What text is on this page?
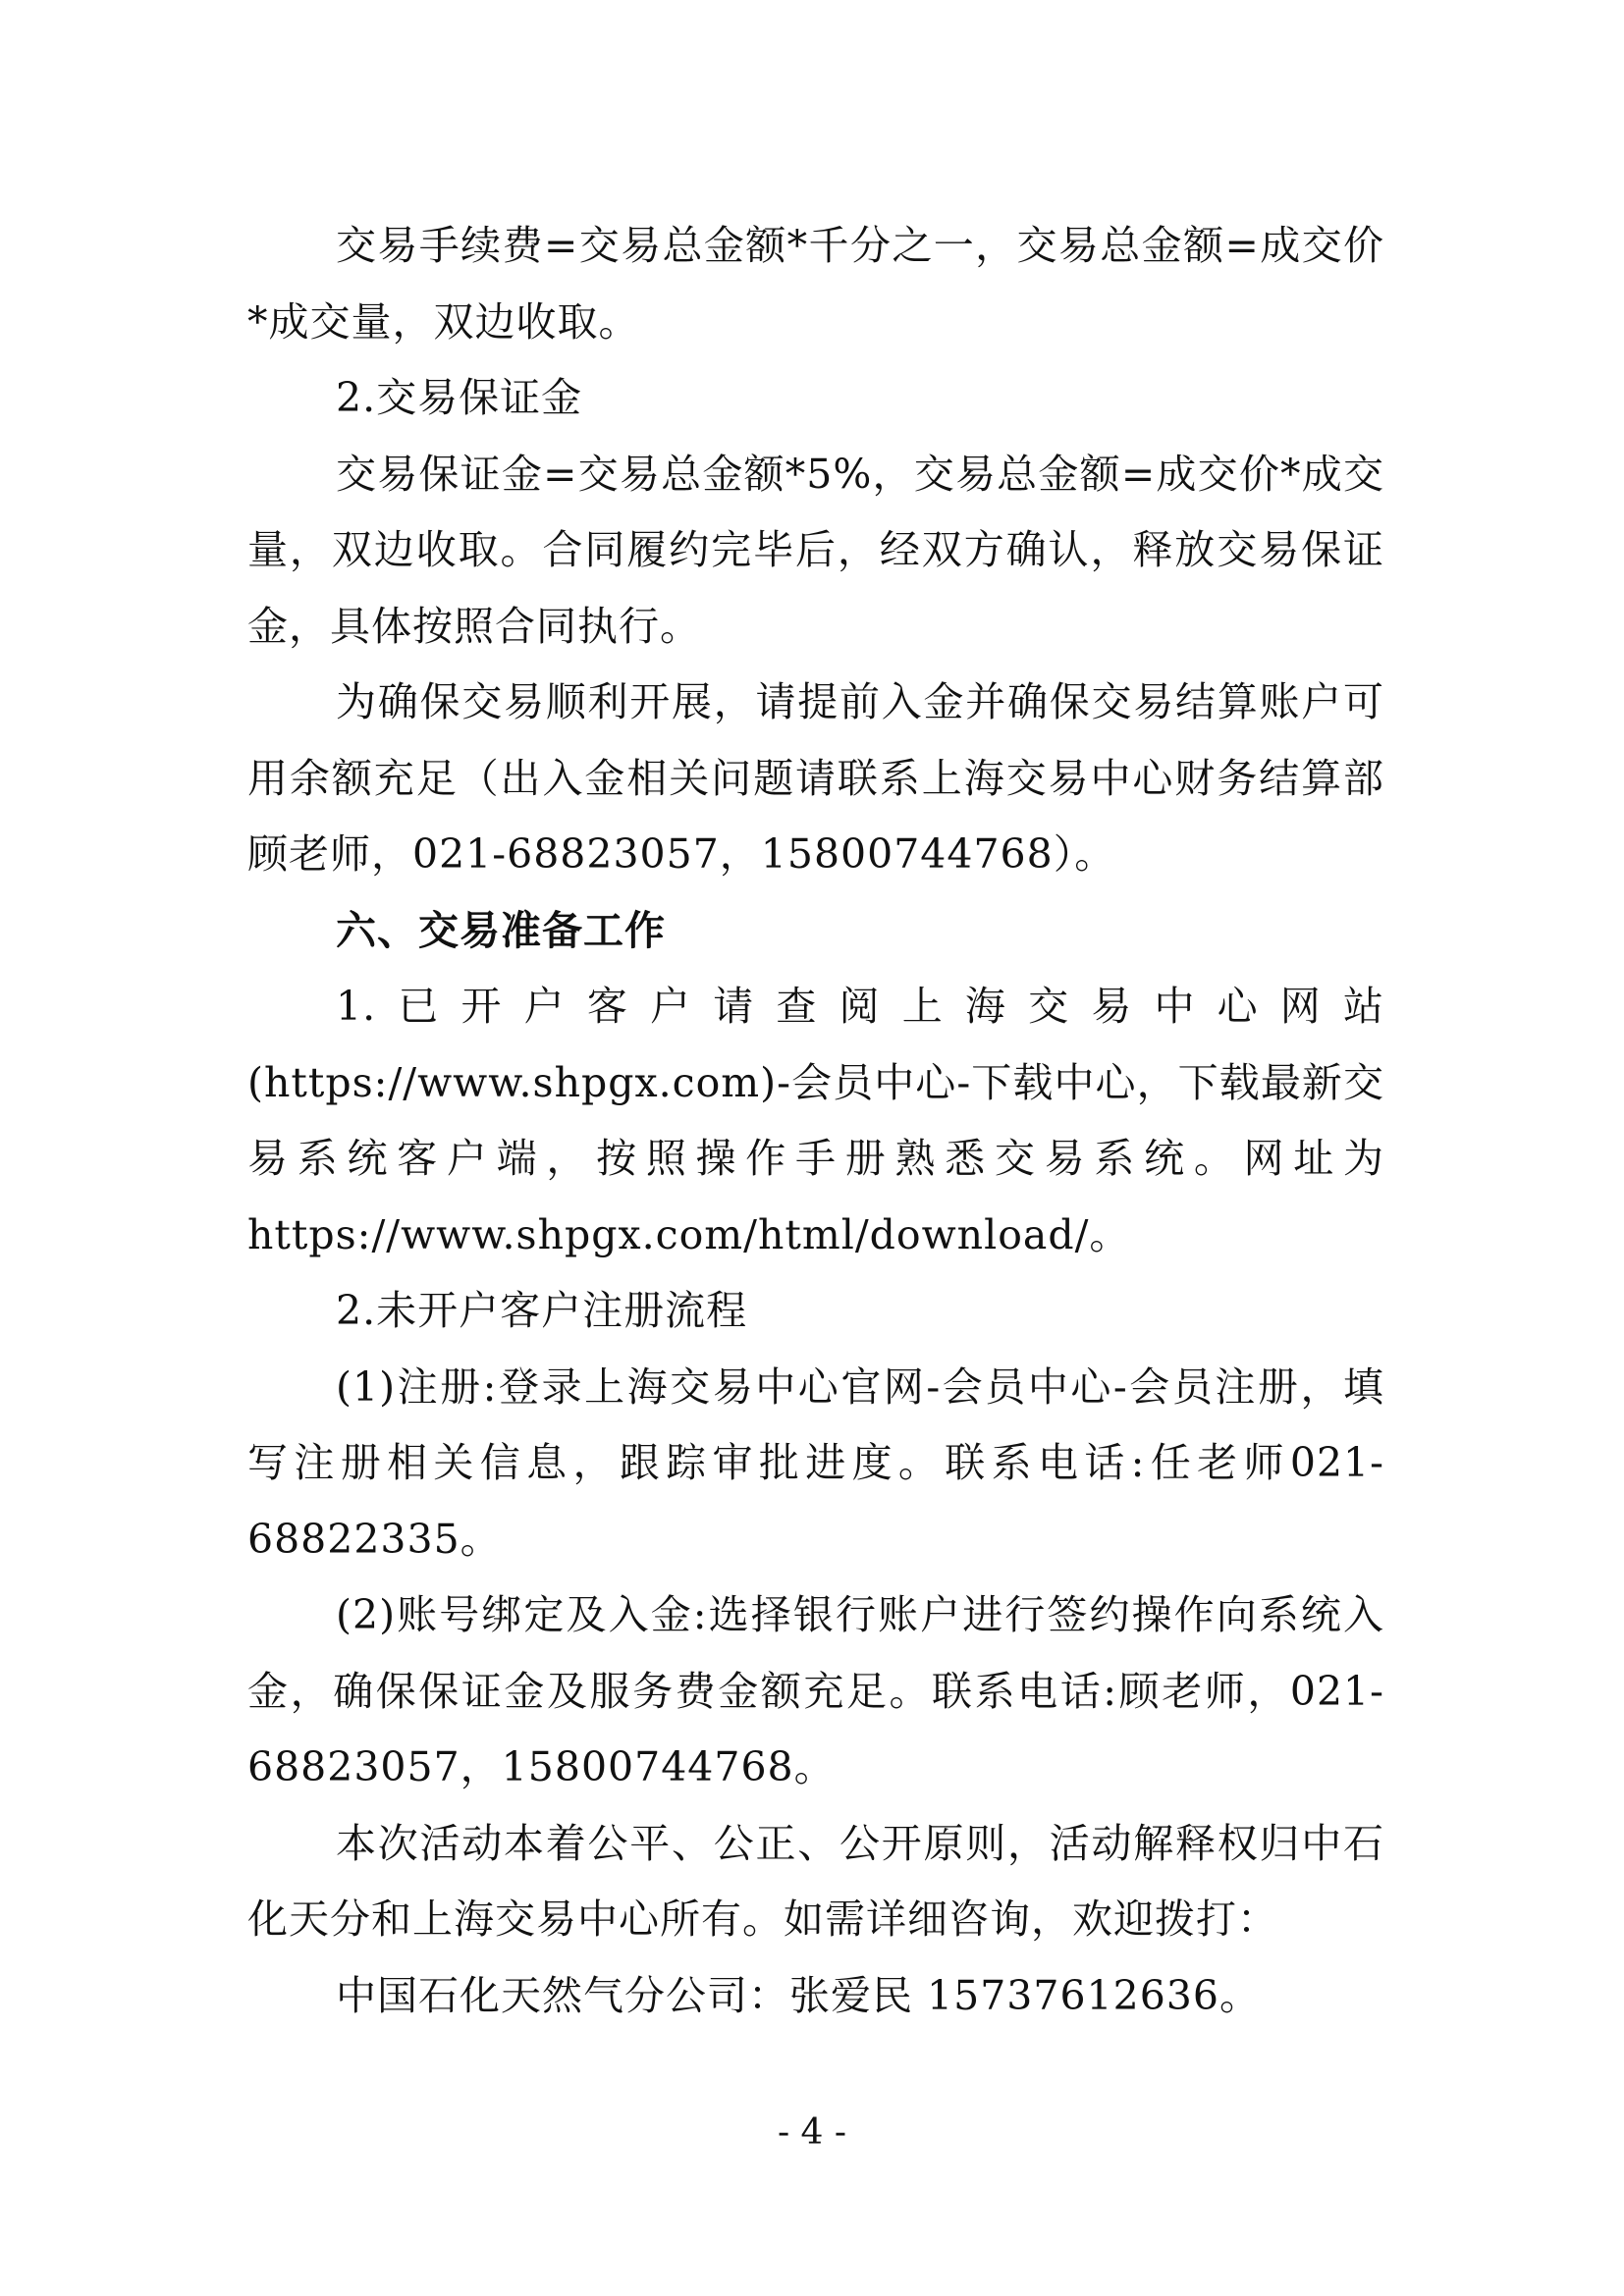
交易手续费=交易总金额*千分之一，交易总金额=成交价*成交量，双边收取。

2.交易保证金

交易保证金=交易总金额*5%，交易总金额=成交价*成交量，双边收取。合同履约完毕后，经双方确认，释放交易保证金，具体按照合同执行。

为确保交易顺利开展，请提前入金并确保交易结算账户可用余额充足（出入金相关问题请联系上海交易中心财务结算部顾老师，021-68823057，15800744768）。

六、交易准备工作

1.已开户客户请查阅上海交易中心网站(https://www.shpgx.com)-会员中心-下载中心，下载最新交易系统客户端，按照操作手册熟悉交易系统。网址为https://www.shpgx.com/html/download/。

2.未开户客户注册流程

(1)注册:登录上海交易中心官网-会员中心-会员注册，填写注册相关信息，跟踪审批进度。联系电话:任老师021-68822335。

(2)账号绑定及入金:选择银行账户进行签约操作向系统入金，确保保证金及服务费金额充足。联系电话:顾老师，021-68823057，15800744768。

本次活动本着公平、公正、公开原则，活动解释权归中石化天分和上海交易中心所有。如需详细咨询，欢迎拨打：

中国石化天然气分公司：张爱民 15737612636。

- 4 -
